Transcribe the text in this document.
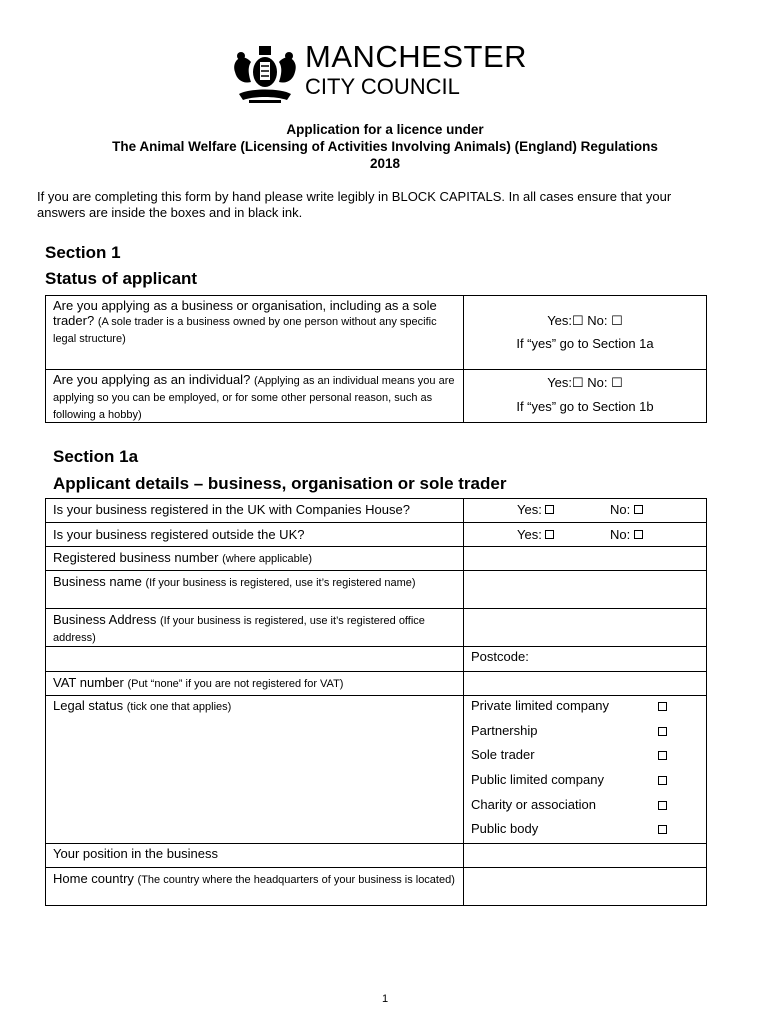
MANCHESTER
CITY COUNCIL
Application for a licence under
The Animal Welfare (Licensing of Activities Involving Animals) (England) Regulations
2018
If you are completing this form by hand please write legibly in BLOCK CAPITALS. In all cases ensure that your answers are inside the boxes and in black ink.
Section 1
Status of applicant
Are you applying as a business or organisation, including as a sole trader? (A sole trader is a business owned by one person without any specific legal structure)
Yes:☐ No: ☐
If “yes” go to Section 1a
Are you applying as an individual? (Applying as an individual means you are applying so you can be employed, or for some other personal reason, such as following a hobby)
Yes:☐ No: ☐
If “yes” go to Section 1b
Section 1a
Applicant details – business, organisation or sole trader
Is your business registered in the UK with Companies House?	Yes:	No:
Is your business registered outside the UK?	Yes:	No:
Registered business number (where applicable)
Business name (If your business is registered, use it’s registered name)
Business Address (If your business is registered, use it’s registered office address)
Postcode:
VAT number (Put “none” if you are not registered for VAT)
Legal status (tick one that applies)	Private limited company
Partnership
Sole trader
Public limited company
Charity or association
Public body
Your position in the business
Home country (The country where the headquarters of your business is located)
1
